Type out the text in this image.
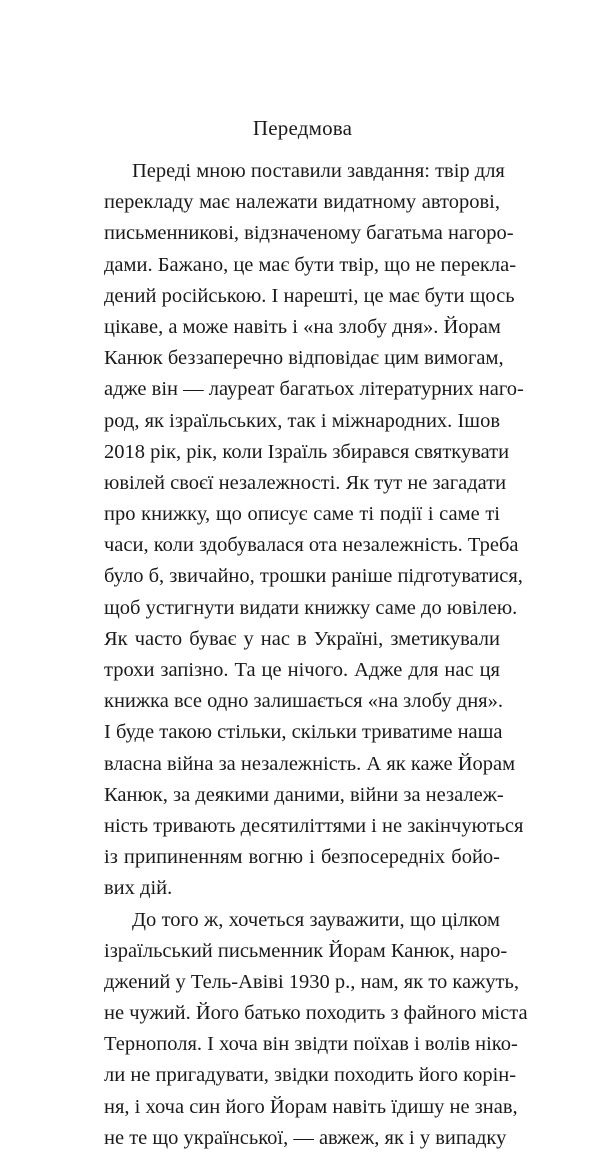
Передмова
Переді мною поставили завдання: твір для
перекладу має належати видатному авторові,
письменникові, відзначеному багатьма нагоро-
дами. Бажано, це має бути твір, що не переклa-
дений російською. І нарешті, це має бути щось
цікаве, а може навіть і «на злобу дня». Йорам
Канюк беззаперечно відповідає цим вимогам,
адже він — лауреат багатьох літературних наго-
род, як ізраїльських, так і міжнародних. Ішов
2018 рік, рік, коли Ізраїль збирався святкувати
ювілей своєї незалежності. Як тут не загадати
про книжку, що описує саме ті події і саме ті
часи, коли здобувалася ота незалежність. Треба
було б, звичайно, трошки раніше підготуватися,
щоб устигнути видати книжку саме до ювілею.
Як часто буває у нас в Україні, зметикували
трохи запізно. Та це нічого. Адже для нас ця
книжка все одно залишається «на злобу дня».
І буде такою стільки, скільки триватиме наша
власна війна за незалежність. А як каже Йорам
Канюк, за деякими даними, війни за незалеж-
ність тривають десятиліттями і не закінчуються
із припиненням вогню і безпосередніх бойо-
вих дій.
До того ж, хочеться зауважити, що цілком
ізраїльський письменник Йорам Канюк, наро-
джений у Тель-Авіві 1930 р., нам, як то кажуть,
не чужий. Його батько походить з файного міста
Тернополя. І хоча він звідти поїхав і волів ніко-
ли не пригадувати, звідки походить його корін-
ня, і хоча син його Йорам навіть їдишу не знав,
не те що української, — авжеж, як і у випадку
